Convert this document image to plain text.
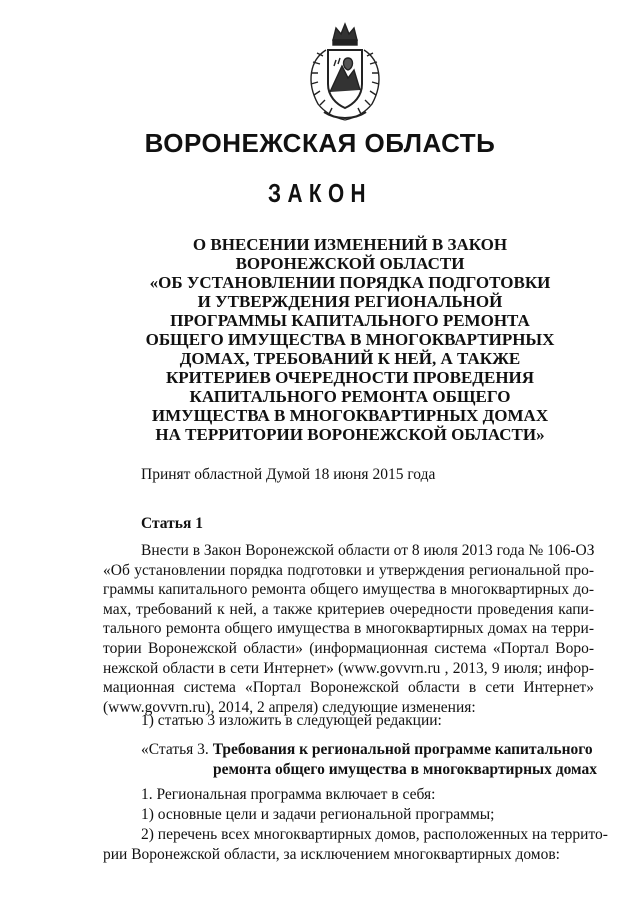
ВОРОНЕЖСКАЯ ОБЛАСТЬ
ЗАКОН
О ВНЕСЕНИИ ИЗМЕНЕНИЙ В ЗАКОН
ВОРОНЕЖСКОЙ ОБЛАСТИ
«ОБ УСТАНОВЛЕНИИ ПОРЯДКА ПОДГОТОВКИ
И УТВЕРЖДЕНИЯ РЕГИОНАЛЬНОЙ
ПРОГРАММЫ КАПИТАЛЬНОГО РЕМОНТА
ОБЩЕГО ИМУЩЕСТВА В МНОГОКВАРТИРНЫХ
ДОМАХ, ТРЕБОВАНИЙ К НЕЙ, А ТАКЖЕ
КРИТЕРИЕВ ОЧЕРЕДНОСТИ ПРОВЕДЕНИЯ
КАПИТАЛЬНОГО РЕМОНТА ОБЩЕГО
ИМУЩЕСТВА В МНОГОКВАРТИРНЫХ ДОМАХ
НА ТЕРРИТОРИИ ВОРОНЕЖСКОЙ ОБЛАСТИ»
Принят областной Думой 18 июня 2015 года
Статья 1
Внести в Закон Воронежской области от 8 июля 2013 года № 106-ОЗ
«Об установлении порядка подготовки и утверждения региональной про-
граммы капитального ремонта общего имущества в многоквартирных до-
мах, требований к ней, а также критериев очередности проведения капи-
тального ремонта общего имущества в многоквартирных домах на терри-
тории Воронежской области» (информационная система «Портал Воро-
нежской области в сети Интернет» (www.govvrn.ru , 2013, 9 июля; инфор-
мационная система «Портал Воронежской области в сети Интернет»
(www.govvrn.ru), 2014, 2 апреля) следующие изменения:
1) статью 3 изложить в следующей редакции:
«Статья 3. Требования к региональной программе капитального
ремонта общего имущества в многоквартирных домах
1. Региональная программа включает в себя:
1) основные цели и задачи региональной программы;
2) перечень всех многоквартирных домов, расположенных на террито-
рии Воронежской области, за исключением многоквартирных домов:
